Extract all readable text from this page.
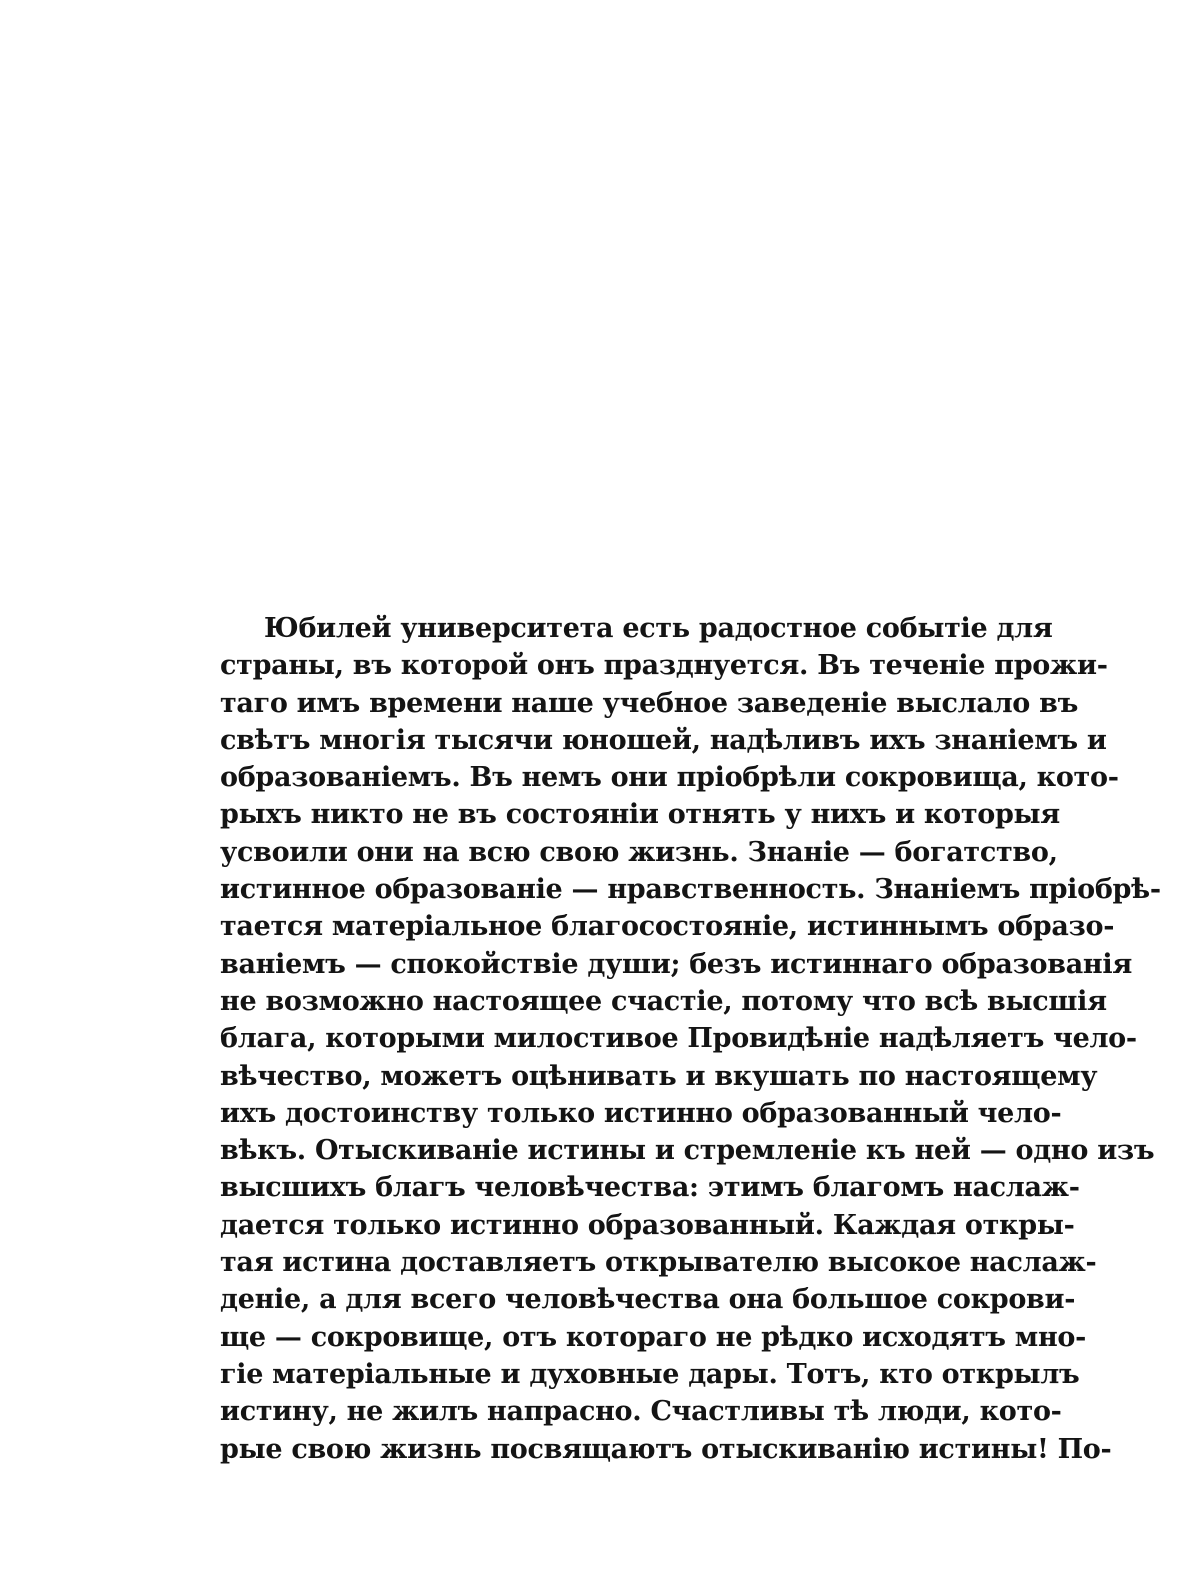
Юбилей университета есть радостное событіе для
страны, въ которой онъ празднуется. Въ теченіе прожи-
таго имъ времени наше учебное заведеніе выслало въ
свѣтъ многія тысячи юношей, надѣливъ ихъ знаніемъ и
образованіемъ. Въ немъ они пріобрѣли сокровища, котo-
рыхъ никто не въ состояніи отнять у нихъ и которыя
усвоили они на всю свою жизнь. Знаніе — богатство,
истинное образованіе — нравственность. Знаніемъ пріобрѣ-
тается матеріальное благосостояніе, истиннымъ образо-
ваніемъ — спокойствіе души; безъ истиннаго образованія
не возможно настоящее счастіе, потому что всѣ высшія
блага, которыми милостивое Провидѣніе надѣляетъ чело-
вѣчество, можетъ оцѣнивать и вкушать по настоящему
ихъ достоинству только истинно образованный чело-
вѣкъ. Отыскиваніе истины и стремленіе къ ней — одно изъ
высшихъ благъ человѣчества: этимъ благомъ наслаж-
дается только истинно образованный. Каждая откры-
тая истина доставляетъ открывателю высокое наслаж-
деніе, а для всего человѣчества она большое сокрови-
ще — сокровище, отъ котораго не рѣдко исходятъ мно-
гіе матеріальные и духовные дары. Тотъ, кто открылъ
истину, не жилъ напрасно. Счастливы тѣ люди, кото-
рые свою жизнь посвящаютъ отыскиванію истины! По-
